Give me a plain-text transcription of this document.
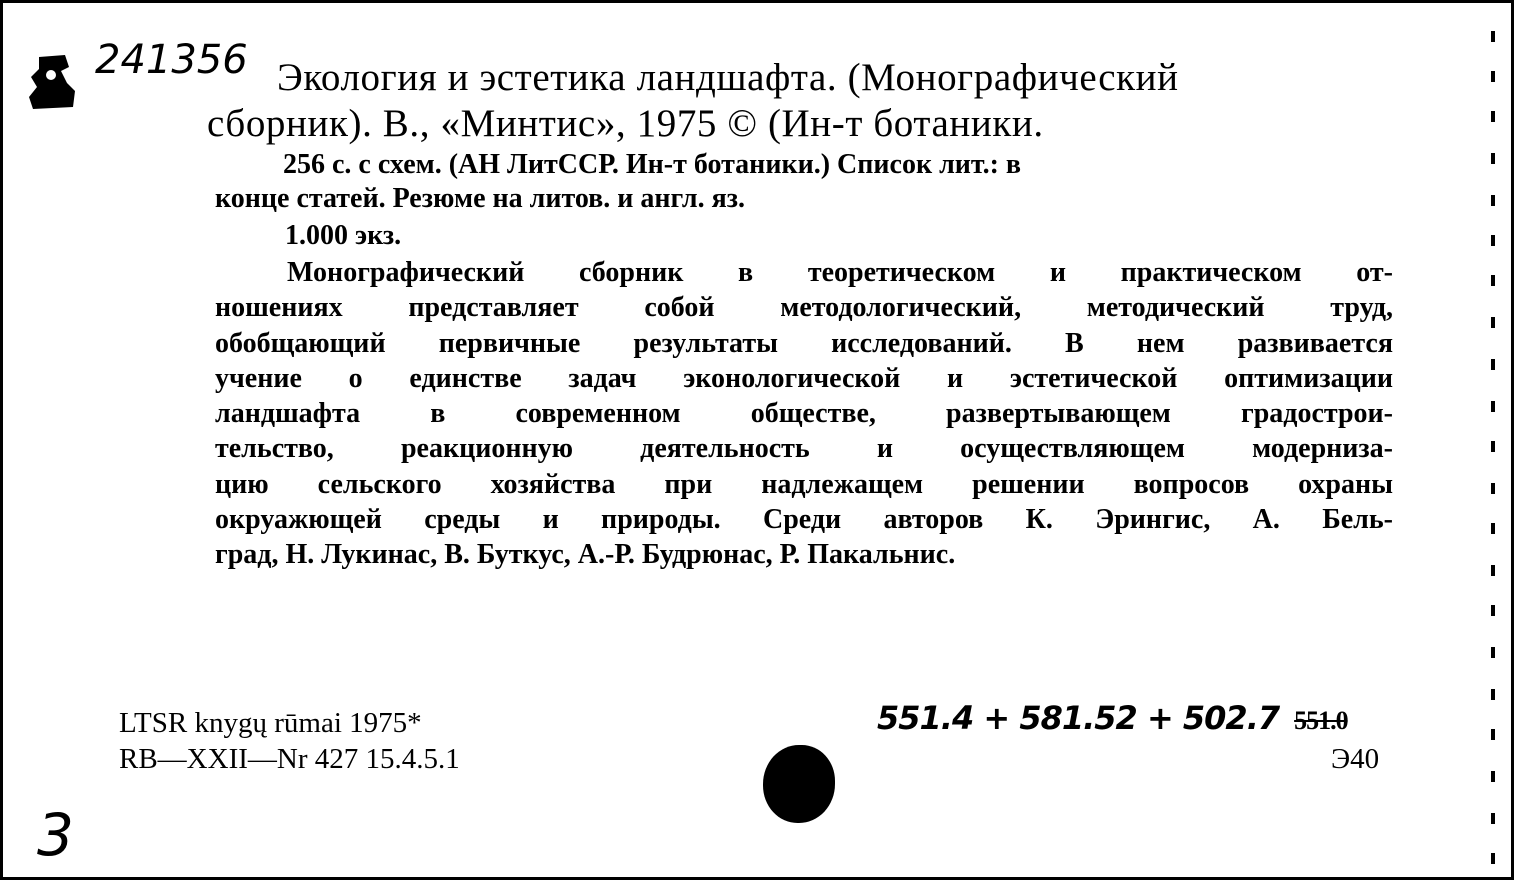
241356 Экология и эстетика ландшафта. (Монографический
сборник). В., «Минтис», 1975 © (Ин-т ботаники.
256 с. с схем. (АН ЛитССР. Ин-т ботаники.) Список лит.: в
конце статей. Резюме на литов. и англ. яз.
1.000 экз.
Монографический сборник в теоретическом и практическом от-
ношениях представляет собой методологический, методический труд,
обобщающий первичные результаты исследований. В нем развивается
учение о единстве задач эконологической и эстетической оптимизации
ландшафта в современном обществе, развертывающем градострои-
тельство, реакционную деятельность и осуществляющем модерниза-
цию сельского хозяйства при надлежащем решении вопросов охраны
окруажющей среды и природы. Среди авторов К. Эрингис, А. Бель-
град, Н. Лукинас, В. Буткус, А.-Р. Будрюнас, Р. Пакальнис.
LTSR knygų rūmai 1975*
RB—XXII—Nr 427 15.4.5.1
551.4 + 581.52 + 502.7 551.0
Э40
3
